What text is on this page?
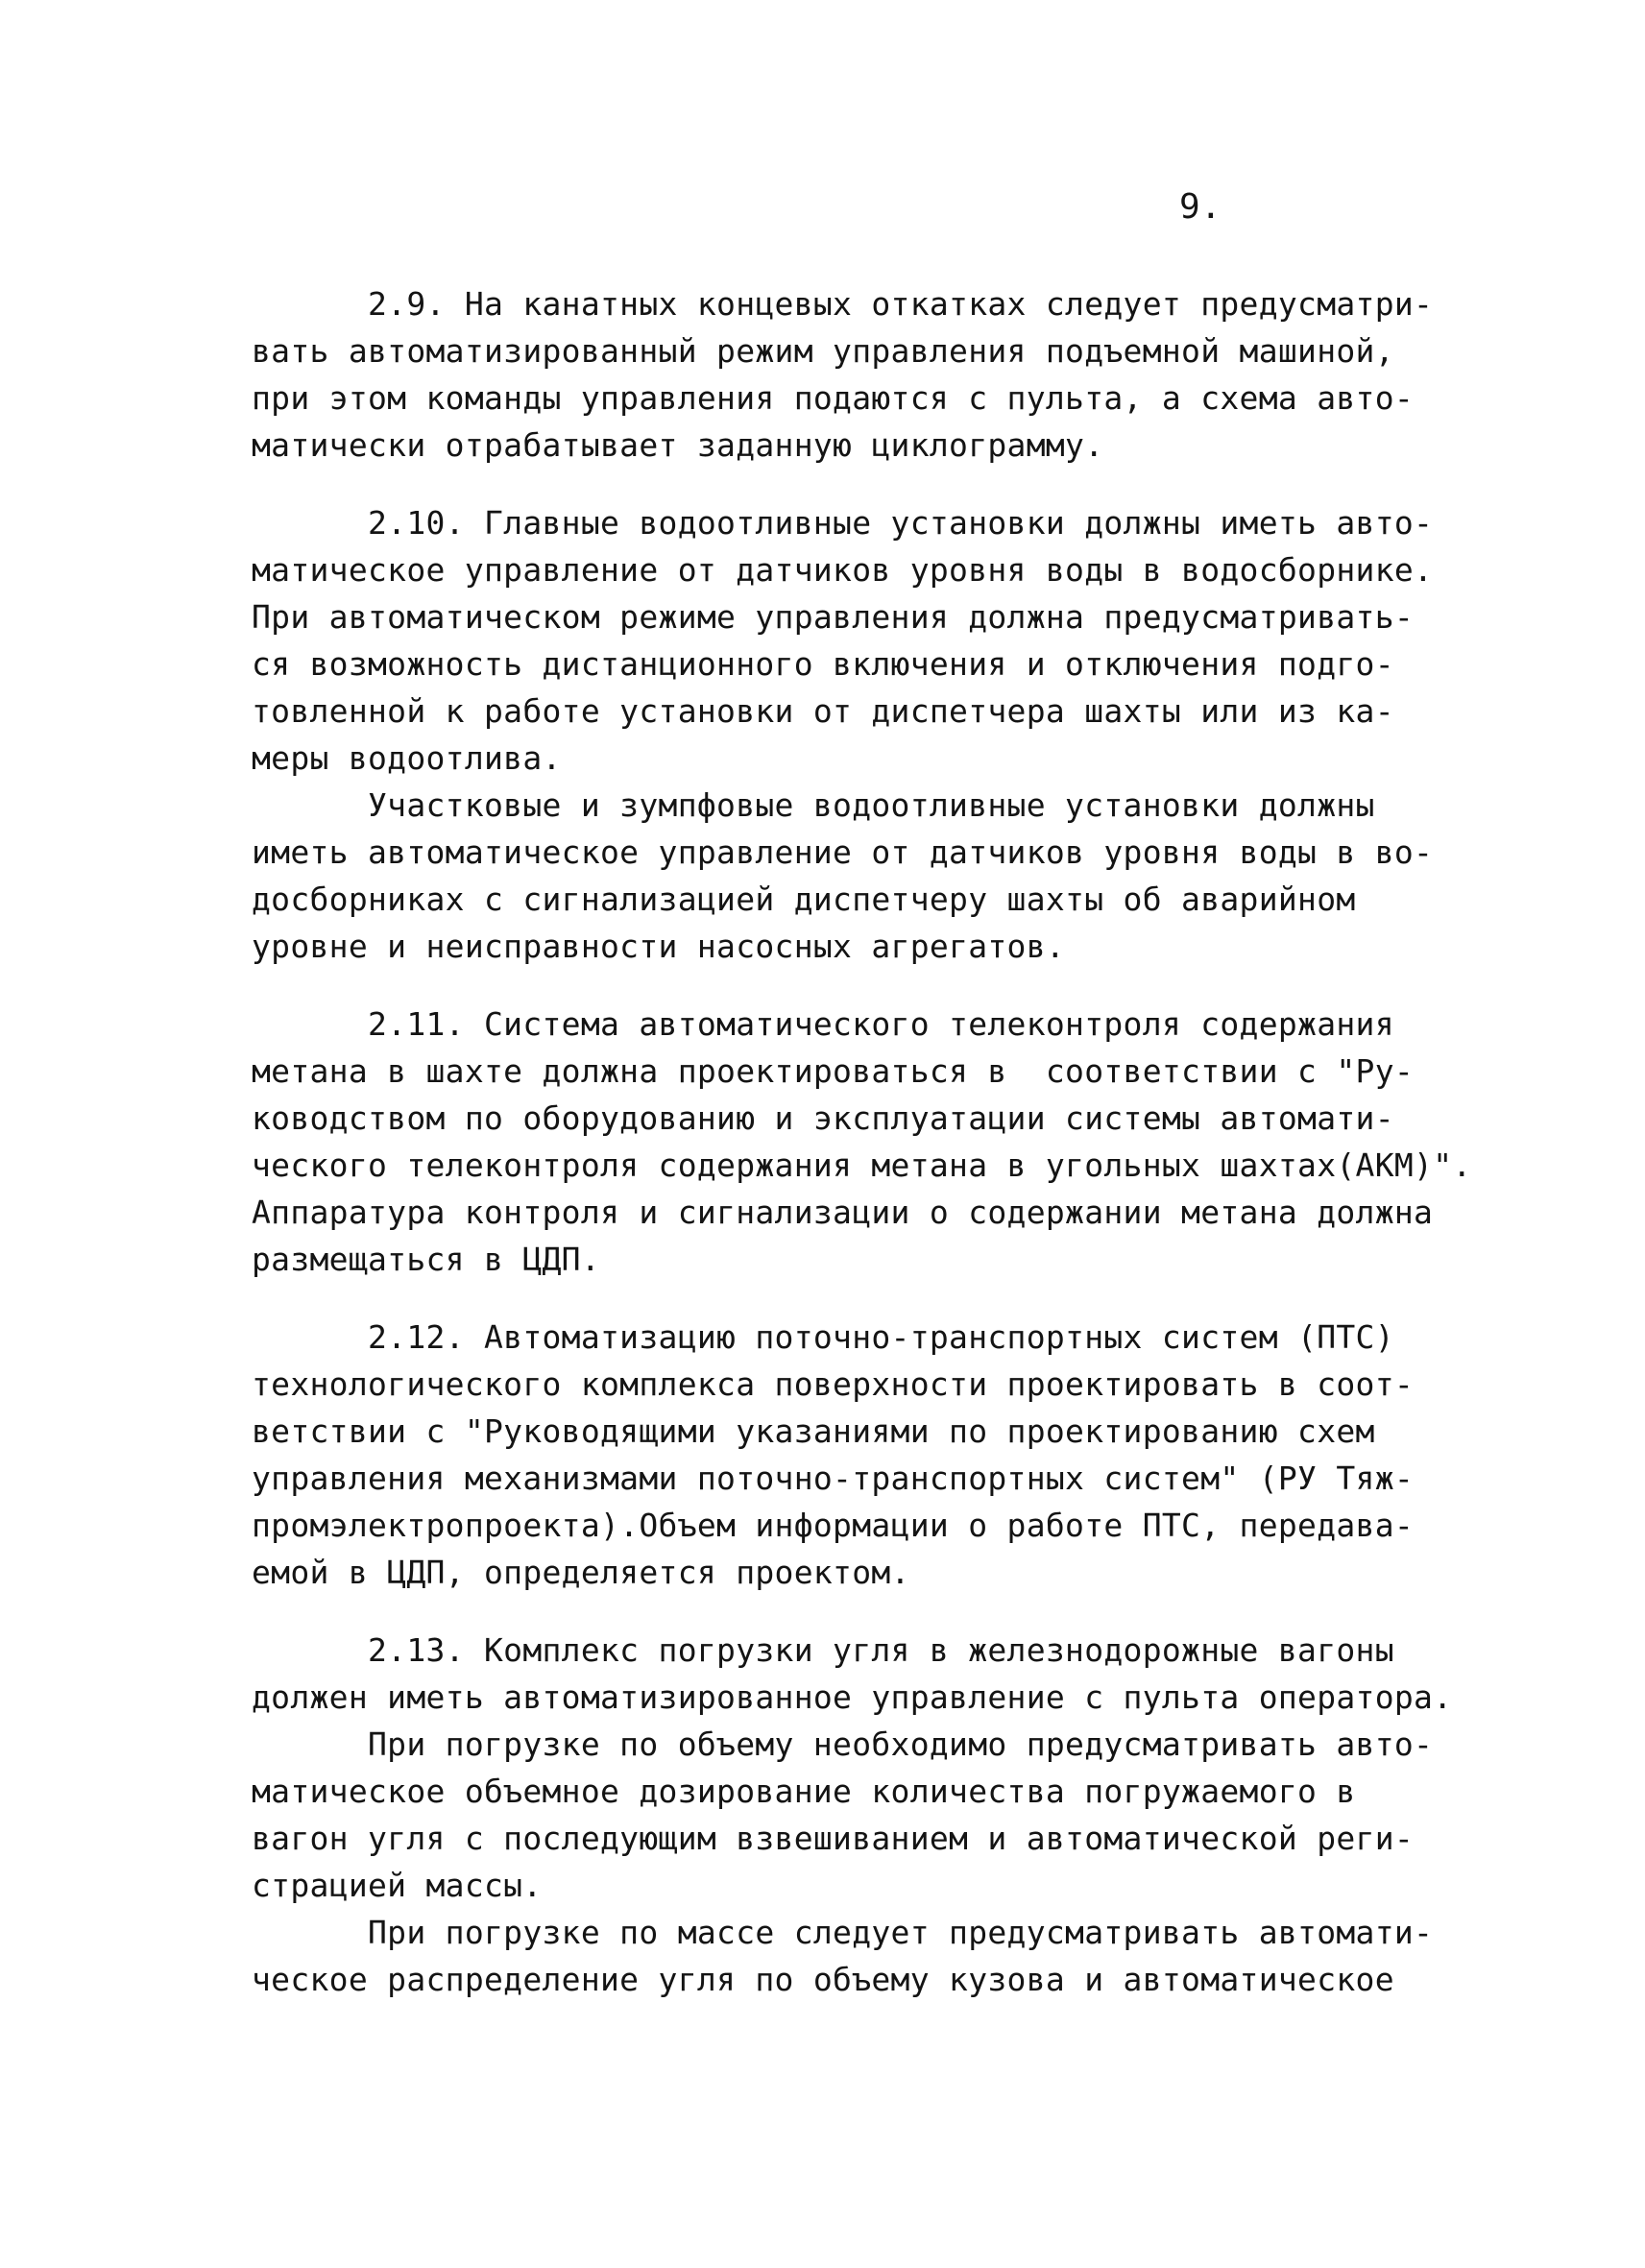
9.
2.9. На канатных концевых откатках следует предусматри-
вать автоматизированный режим управления подъемной машиной,
при этом команды управления подаются с пульта, а схема авто-
матически отрабатывает заданную циклограмму.
2.10. Главные водоотливные установки должны иметь авто-
матическое управление от датчиков уровня воды в водосборнике.
При автоматическом режиме управления должна предусматривать-
ся возможность дистанционного включения и отключения подго-
товленной к работе установки от диспетчера шахты или из ка-
меры водоотлива.
Участковые и зумпфовые водоотливные установки должны
иметь автоматическое управление от датчиков уровня воды в во-
досборниках с сигнализацией диспетчеру шахты об аварийном
уровне и неисправности насосных агрегатов.
2.11. Система автоматического телеконтроля содержания
метана в шахте должна проектироваться в  соответствии с "Ру-
ководством по оборудованию и эксплуатации системы автомати-
ческого телеконтроля содержания метана в угольных шахтах(АКМ)".
Аппаратура контроля и сигнализации о содержании метана должна
размещаться в ЦДП.
2.12. Автоматизацию поточно-транспортных систем (ПТС)
технологического комплекса поверхности проектировать в соот-
ветствии с "Руководящими указаниями по проектированию схем
управления механизмами поточно-транспортных систем" (РУ Тяж-
промэлектропроекта).Объем информации о работе ПТС, передава-
емой в ЦДП, определяется проектом.
2.13. Комплекс погрузки угля в железнодорожные вагоны
должен иметь автоматизированное управление с пульта оператора.
При погрузке по объему необходимо предусматривать авто-
матическое объемное дозирование количества погружаемого в
вагон угля с последующим взвешиванием и автоматической реги-
страцией массы.
При погрузке по массе следует предусматривать автомати-
ческое распределение угля по объему кузова и автоматическое
